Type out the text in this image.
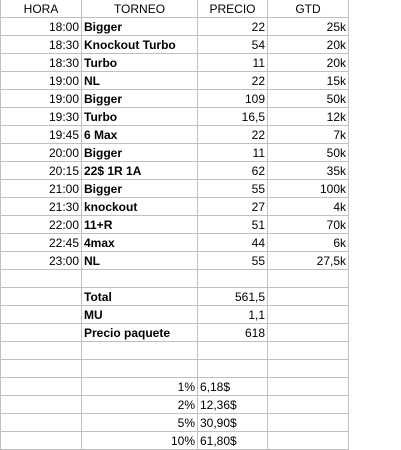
HORA	TORNEO	PRECIO	GTD
18:00	Bigger	22	25k
18:30	Knockout Turbo	54	20k
18:30	Turbo	11	20k
19:00	NL	22	15k
19:00	Bigger	109	50k
19:30	Turbo	16,5	12k
19:45	6 Max	22	7k
20:00	Bigger	11	50k
20:15	22$ 1R 1A	62	35k
21:00	Bigger	55	100k
21:30	knockout	27	4k
22:00	11+R	51	70k
22:45	4max	44	6k
23:00	NL	55	27,5k

	Total	561,5	
	MU	1,1	
	Precio paquete	618	

	1%	6,18$	
	2%	12,36$	
	5%	30,90$	
	10%	61,80$	
